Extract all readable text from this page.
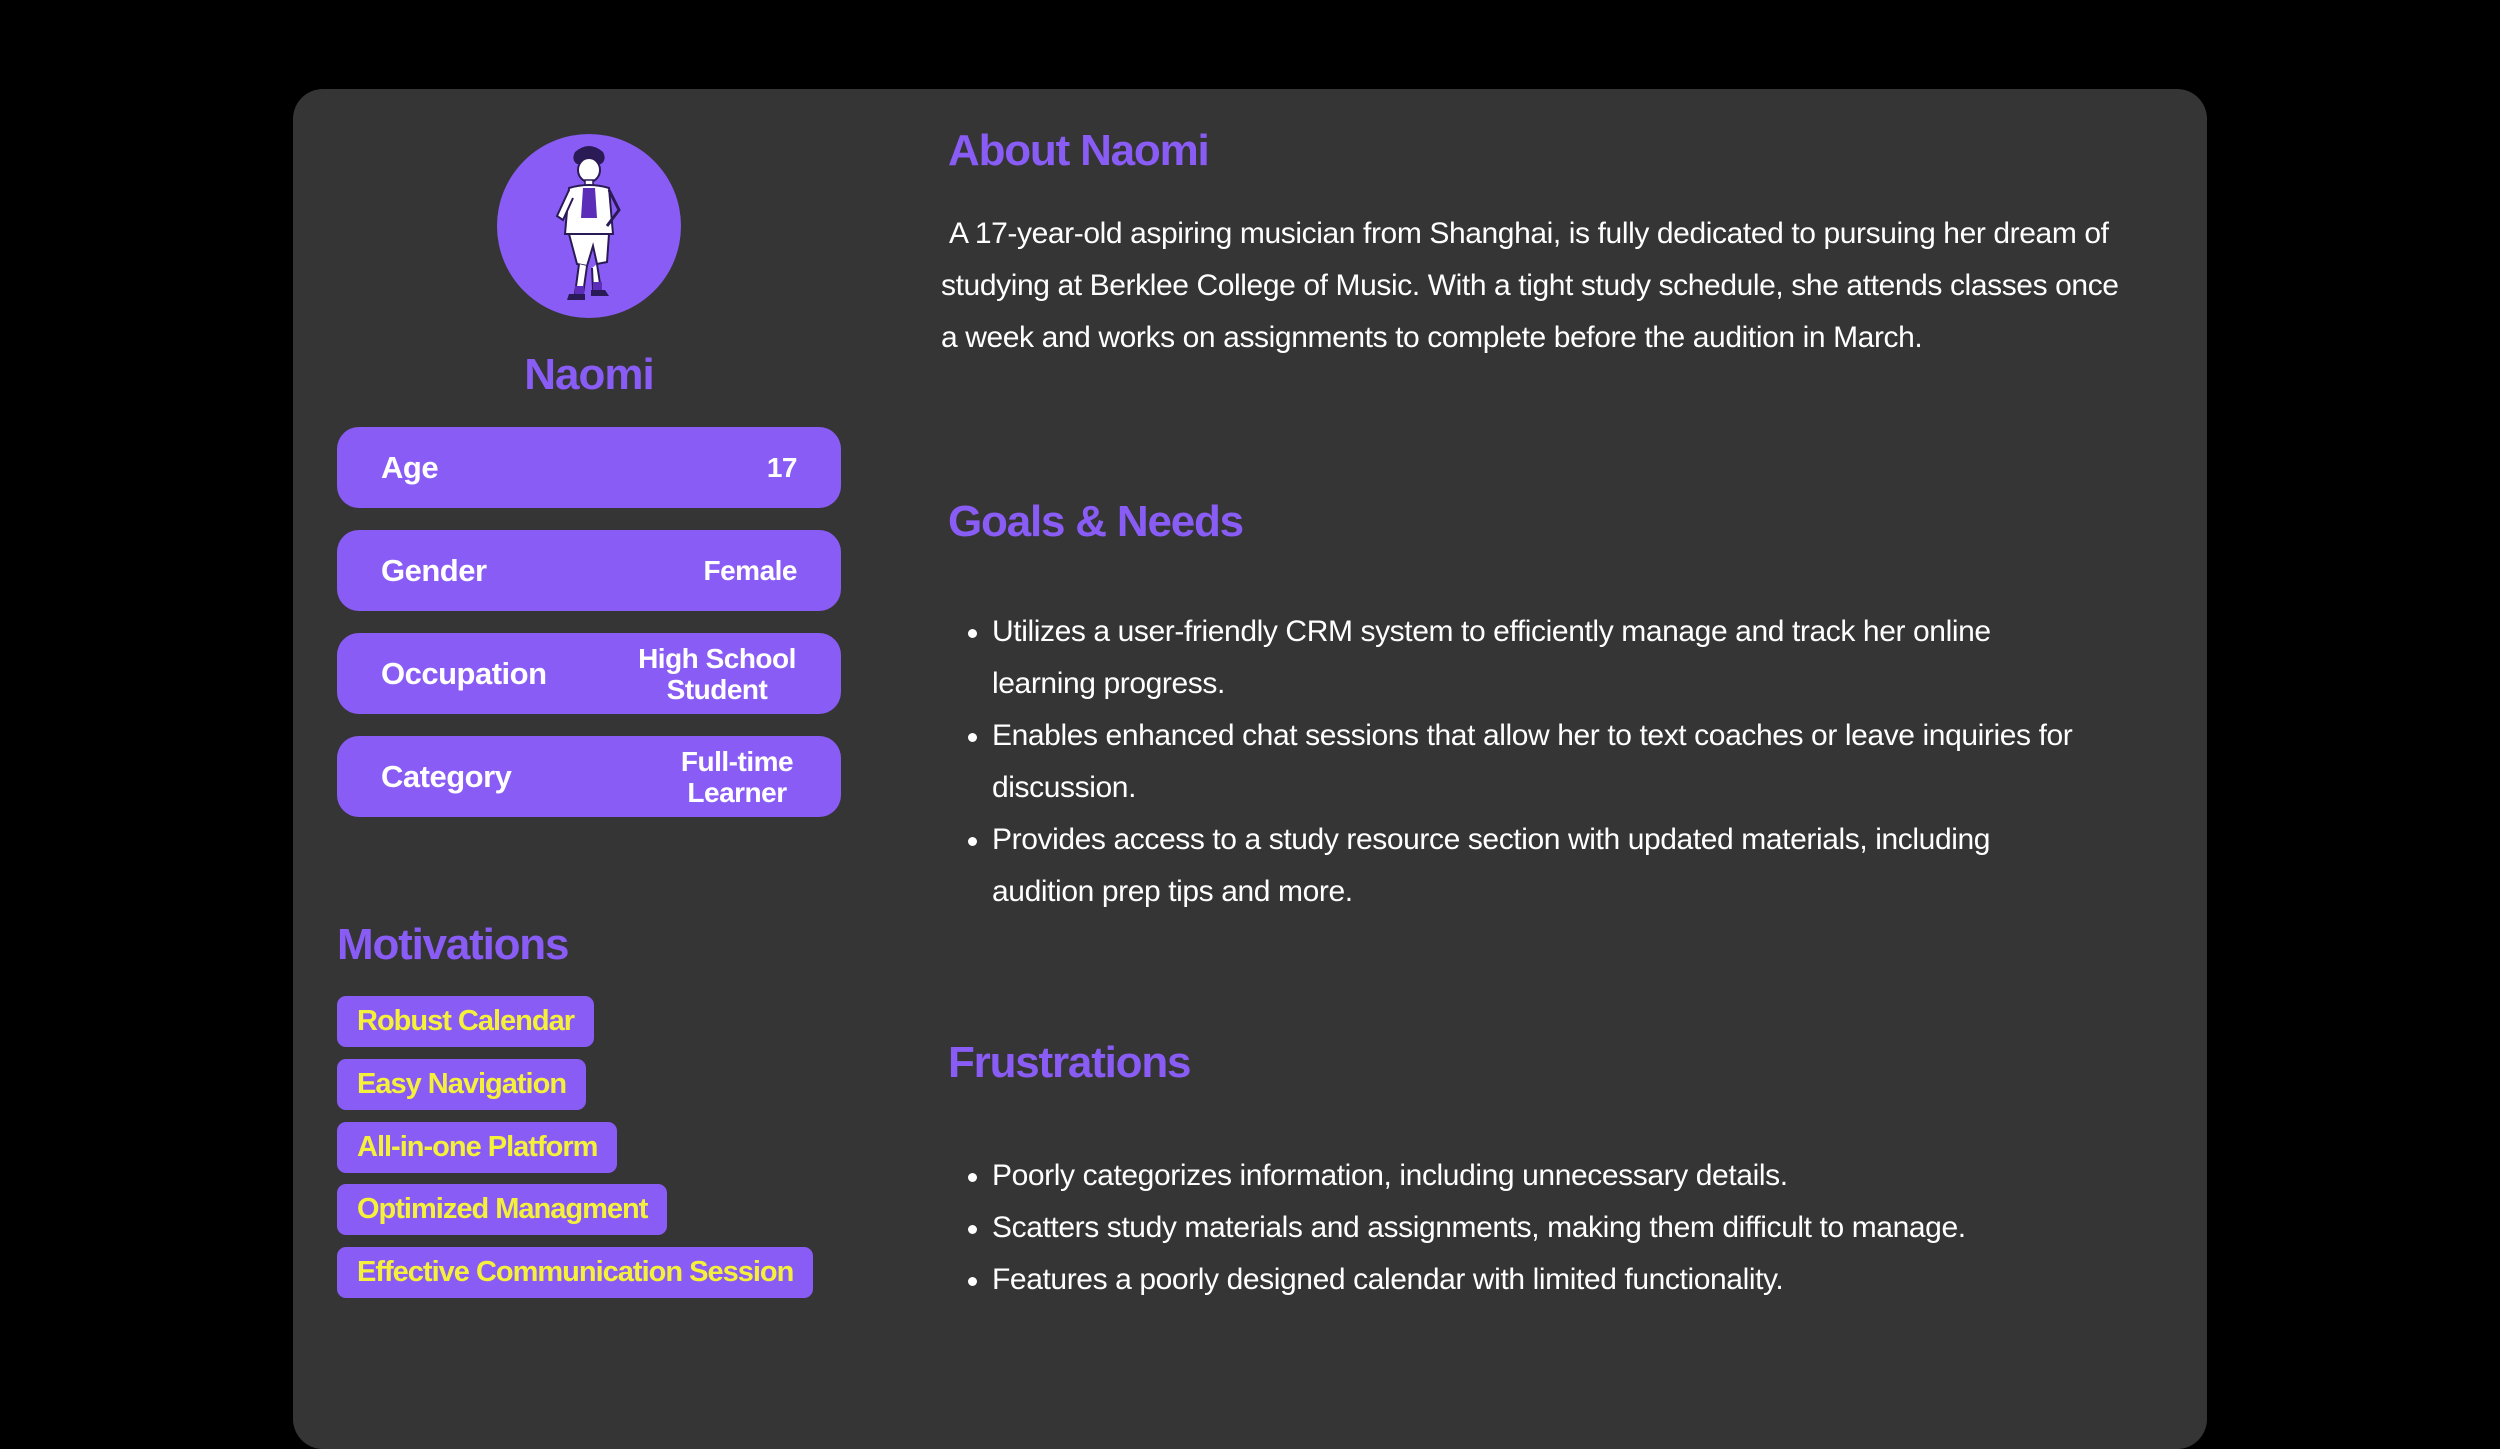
Naomi
Age	17
Gender	Female
Occupation	High School Student
Category	Full-time Learner
Motivations
Robust Calendar
Easy Navigation
All-in-one Platform
Optimized Managment
Effective Communication Session
About Naomi
A 17-year-old aspiring musician from Shanghai, is fully dedicated to pursuing her dream of studying at Berklee College of Music. With a tight study schedule, she attends classes once a week and works on assignments to complete before the audition in March.
Goals & Needs
Utilizes a user-friendly CRM system to efficiently manage and track her online learning progress.
Enables enhanced chat sessions that allow her to text coaches or leave inquiries for discussion.
Provides access to a study resource section with updated materials, including audition prep tips and more.
Frustrations
Poorly categorizes information, including unnecessary details.
Scatters study materials and assignments, making them difficult to manage.
Features a poorly designed calendar with limited functionality.
